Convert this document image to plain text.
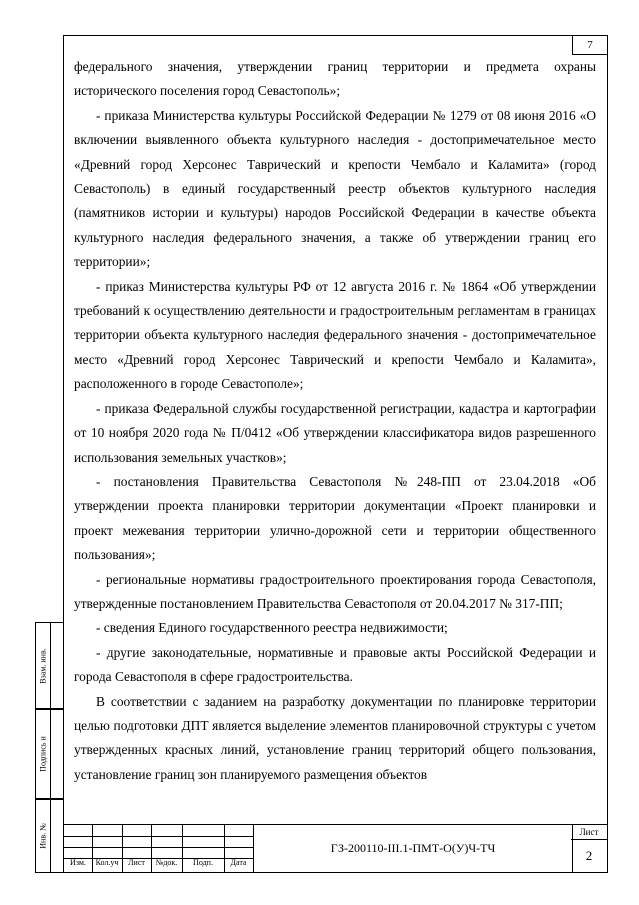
7

федерального значения, утверждении границ территории и предмета охраны исторического поселения город Севастополь»;

- приказа Министерства культуры Российской Федерации № 1279 от 08 июня 2016 «О включении выявленного объекта культурного наследия - достопримечательное место «Древний город Херсонес Таврический и крепости Чембало и Каламита» (город Севастополь) в единый государственный реестр объектов культурного наследия (памятников истории и культуры) народов Российской Федерации в качестве объекта культурного наследия федерального значения, а также об утверждении границ его территории»;

- приказ Министерства культуры РФ от 12 августа 2016 г. № 1864 «Об утверждении требований к осуществлению деятельности и градостроительным регламентам в границах территории объекта культурного наследия федерального значения - достопримечательное место «Древний город Херсонес Таврический и крепости Чембало и Каламита», расположенного в городе Севастополе»;

- приказа Федеральной службы государственной регистрации, кадастра и картографии от 10 ноября 2020 года № П/0412 «Об утверждении классификатора видов разрешенного использования земельных участков»;

- постановления Правительства Севастополя №248-ПП от 23.04.2018 «Об утверждении проекта планировки территории документации «Проект планировки и проект межевания территории улично-дорожной сети и территории общественного пользования»;

- региональные нормативы градостроительного проектирования города Севастополя, утвержденные постановлением Правительства Севастополя от 20.04.2017 № 317-ПП;

- сведения Единого государственного реестра недвижимости;

- другие законодательные, нормативные и правовые акты Российской Федерации и города Севастополя в сфере градостроительства.

В соответствии с заданием на разработку документации по планировке территории целью подготовки ДПТ является выделение элементов планировочной структуры с учетом утвержденных красных линий, установление границ территорий общего пользования, установление границ зон планируемого размещения объектов

Изм.	Кол.уч	Лист	№док.	Подп.	Дата
ГЗ-200110-III.1-ПМТ-О(У)Ч-ТЧ
Лист
2
Взам. инв.
Подпись и
Инв. №
